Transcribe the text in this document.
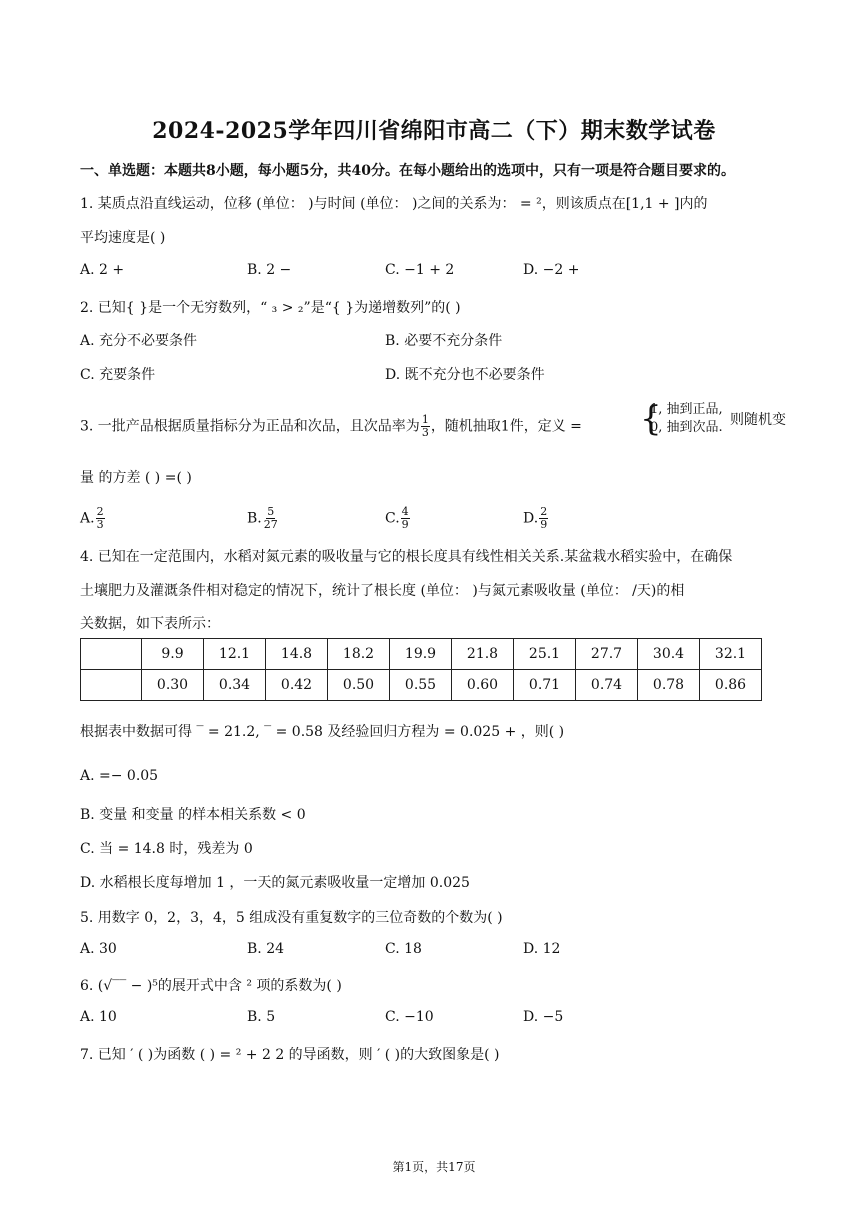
2024-2025学年四川省绵阳市高二（下）期末数学试卷
一、单选题：本题共8小题，每小题5分，共40分。在每小题给出的选项中，只有一项是符合题目要求的。
1. 某质点沿直线运动，位移 (单位： )与时间 (单位： )之间的关系为： = ²，则该质点在[1,1 + ]内的
平均速度是( )
A. 2 +	B. 2 −	C. −1 + 2	D. −2 +
2. 已知{ }是一个无穷数列，“ ₃ > ₂”是“{ }为递增数列”的( )
A. 充分不必要条件	B. 必要不充分条件
C. 充要条件	D. 既不充分也不必要条件
3. 一批产品根据质量指标分为正品和次品，且次品率为 $\frac{1}{3}$ ，随机抽取1件，定义 = {
1, 抽到正品,
0, 抽到次品. 则随机变
量 的方差 ( ) =( )
A. $\frac{2}{3}$	B. $\frac{5}{27}$	C. $\frac{4}{9}$	D. $\frac{2}{9}$
4. 已知在一定范围内，水稻对氮元素的吸收量与它的根长度具有线性相关关系.某盆栽水稻实验中，在确保
土壤肥力及灌溉条件相对稳定的情况下，统计了根长度 (单位： )与氮元素吸收量 (单位： /天)的相
关数据，如下表所示：
	9.9	12.1	14.8	18.2	19.9	21.8	25.1	27.7	30.4	32.1
	0.30	0.34	0.42	0.50	0.55	0.60	0.71	0.74	0.78	0.86
根据表中数据可得 ‾ = 21.2, ‾ = 0.58 及经验回归方程为 = 0.025 + ，则( )
A. =− 0.05
B. 变量 和变量 的样本相关系数 < 0
C. 当 = 14.8 时，残差为 0
D. 水稻根长度每增加 1 ，一天的氮元素吸收量一定增加 0.025
5. 用数字 0，2，3，4，5 组成没有重复数字的三位奇数的个数为( )
A. 30	B. 24	C. 18	D. 12
6. (√‾‾ − )⁵的展开式中含 ² 项的系数为( )
A. 10	B. 5	C. −10	D. −5
7. 已知 ′ ( )为函数 ( ) = ² + 2 2 的导函数，则 ′ ( )的大致图象是( )
第1页，共17页
